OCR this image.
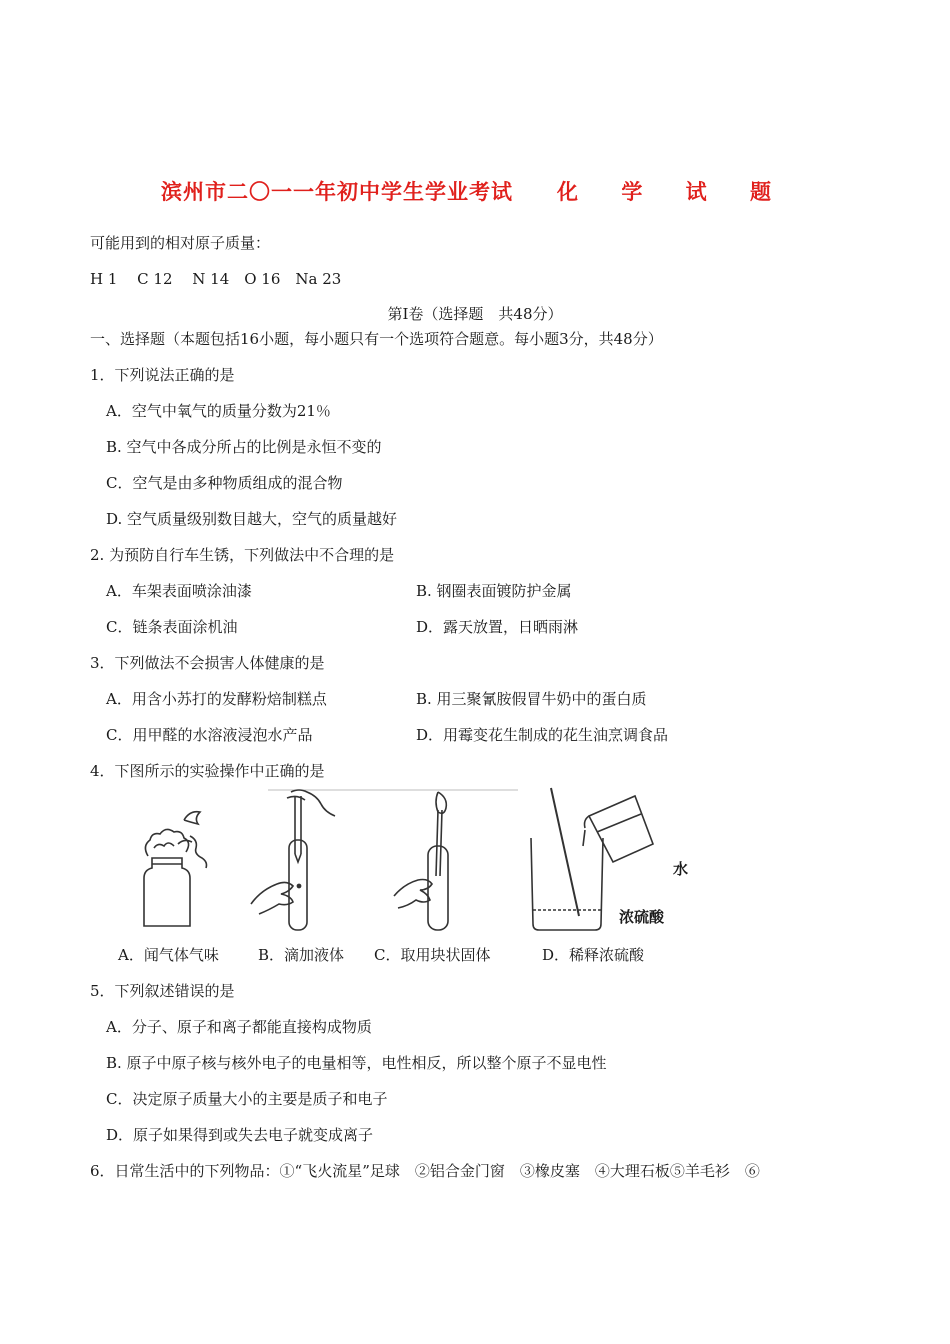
滨州市二〇一一年初中学生学业考试 化 学 试 题
可能用到的相对原子质量：
H 1　 C 12　 N 14　O 16　Na 23
第Ⅰ卷（选择题　共48分）
一、选择题（本题包括16小题，每小题只有一个选项符合题意。每小题3分，共48分）
1．下列说法正确的是
A．空气中氧气的质量分数为21％
B. 空气中各成分所占的比例是永恒不变的
C．空气是由多种物质组成的混合物
D. 空气质量级别数目越大，空气的质量越好
2. 为预防自行车生锈，下列做法中不合理的是
A．车架表面喷涂油漆	B. 钢圈表面镀防护金属
C．链条表面涂机油	D．露天放置，日晒雨淋
3．下列做法不会损害人体健康的是
A．用含小苏打的发酵粉焙制糕点	B. 用三聚氰胺假冒牛奶中的蛋白质
C．用甲醛的水溶液浸泡水产品	D．用霉变花生制成的花生油烹调食品
4．下图所示的实验操作中正确的是
水
浓硫酸
A．闻气体气味	B．滴加液体 C．取用块状固体	D．稀释浓硫酸
5．下列叙述错误的是
A．分子、原子和离子都能直接构成物质
B. 原子中原子核与核外电子的电量相等，电性相反，所以整个原子不显电性
C．决定原子质量大小的主要是质子和电子
D．原子如果得到或失去电子就变成离子
6．日常生活中的下列物品：①“飞火流星”足球　②铝合金门窗　③橡皮塞　④大理石板⑤羊毛衫　⑥
